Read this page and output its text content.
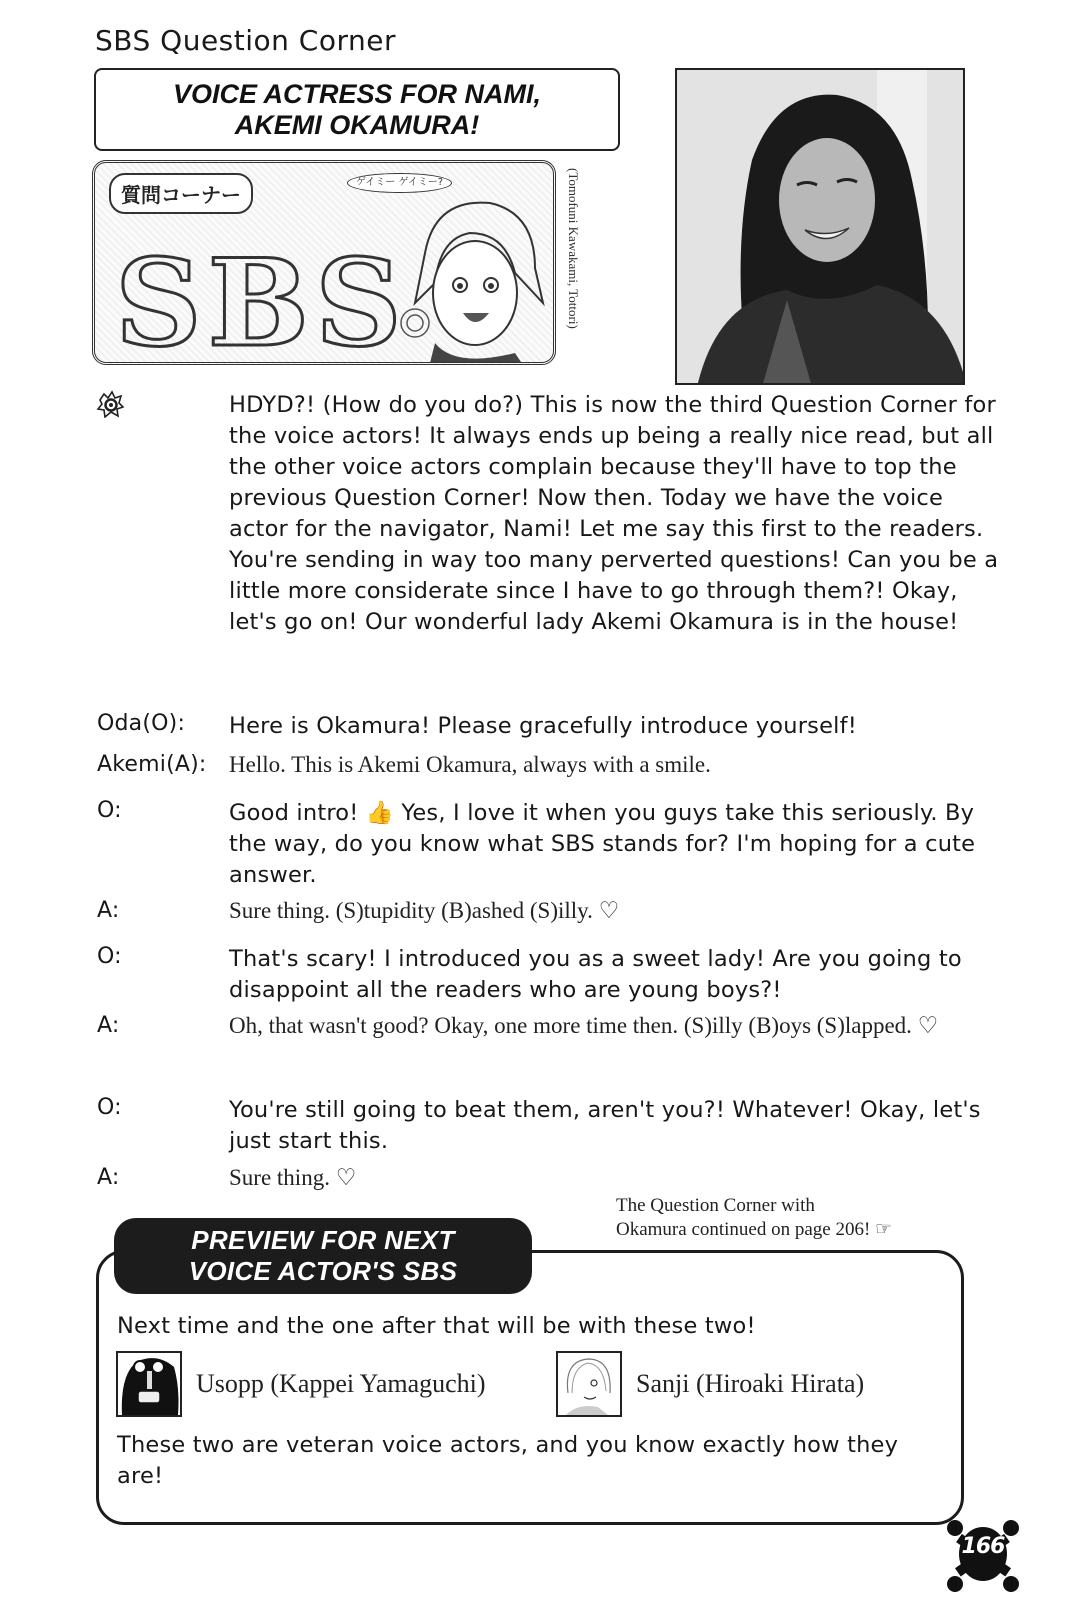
SBS Question Corner
VOICE ACTRESS FOR NAMI,
AKEMI OKAMURA!
質問コーナー
ゲイミー ゲイミー?
SBS	(Tomofuni Kawakami, Tottori)
HDYD?! (How do you do?) This is now the third Question Corner for the voice actors! It always ends up being a really nice read, but all the other voice actors complain because they'll have to top the previous Question Corner! Now then. Today we have the voice actor for the navigator, Nami! Let me say this first to the readers. You're sending in way too many perverted questions! Can you be a little more considerate since I have to go through them?! Okay, let's go on! Our wonderful lady Akemi Okamura is in the house!
Oda(O): Here is Okamura! Please gracefully introduce yourself!
Akemi(A): Hello. This is Akemi Okamura, always with a smile.
O:	Good intro! 👍 Yes, I love it when you guys take this seriously. By the way, do you know what SBS stands for? I'm hoping for a cute answer.
A:	Sure thing. (S)tupidity (B)ashed (S)illy. ♡
O:	That's scary! I introduced you as a sweet lady! Are you going to disappoint all the readers who are young boys?!
A:	Oh, that wasn't good? Okay, one more time then. (S)illy (B)oys (S)lapped. ♡
O:	You're still going to beat them, aren't you?! Whatever! Okay, let's just start this.
A:	Sure thing. ♡
The Question Corner with
Okamura continued on page 206! ☞
PREVIEW FOR NEXT
VOICE ACTOR'S SBS
Next time and the one after that will be with these two!
Usopp (Kappei Yamaguchi)	Sanji (Hiroaki Hirata)
These two are veteran voice actors, and you know exactly how they are!
166
